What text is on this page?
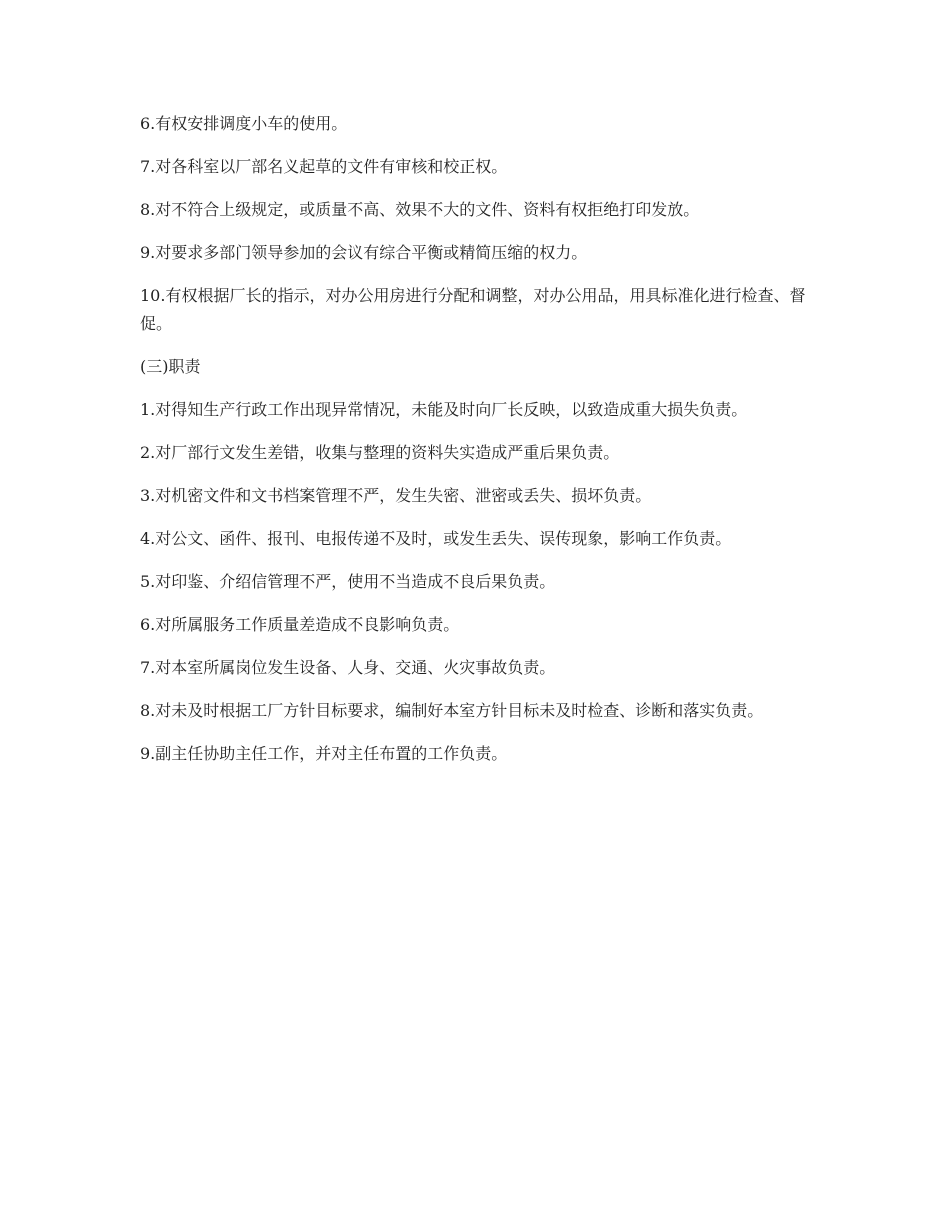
6.有权安排调度小车的使用。

7.对各科室以厂部名义起草的文件有审核和校正权。

8.对不符合上级规定，或质量不高、效果不大的文件、资料有权拒绝打印发放。

9.对要求多部门领导参加的会议有综合平衡或精简压缩的权力。

10.有权根据厂长的指示，对办公用房进行分配和调整，对办公用品，用具标准化进行检查、督促。

(三)职责

1.对得知生产行政工作出现异常情况，未能及时向厂长反映，以致造成重大损失负责。

2.对厂部行文发生差错，收集与整理的资料失实造成严重后果负责。

3.对机密文件和文书档案管理不严，发生失密、泄密或丢失、损坏负责。

4.对公文、函件、报刊、电报传递不及时，或发生丢失、误传现象，影响工作负责。

5.对印鉴、介绍信管理不严，使用不当造成不良后果负责。

6.对所属服务工作质量差造成不良影响负责。

7.对本室所属岗位发生设备、人身、交通、火灾事故负责。

8.对未及时根据工厂方针目标要求，编制好本室方针目标未及时检查、诊断和落实负责。

9.副主任协助主任工作，并对主任布置的工作负责。
